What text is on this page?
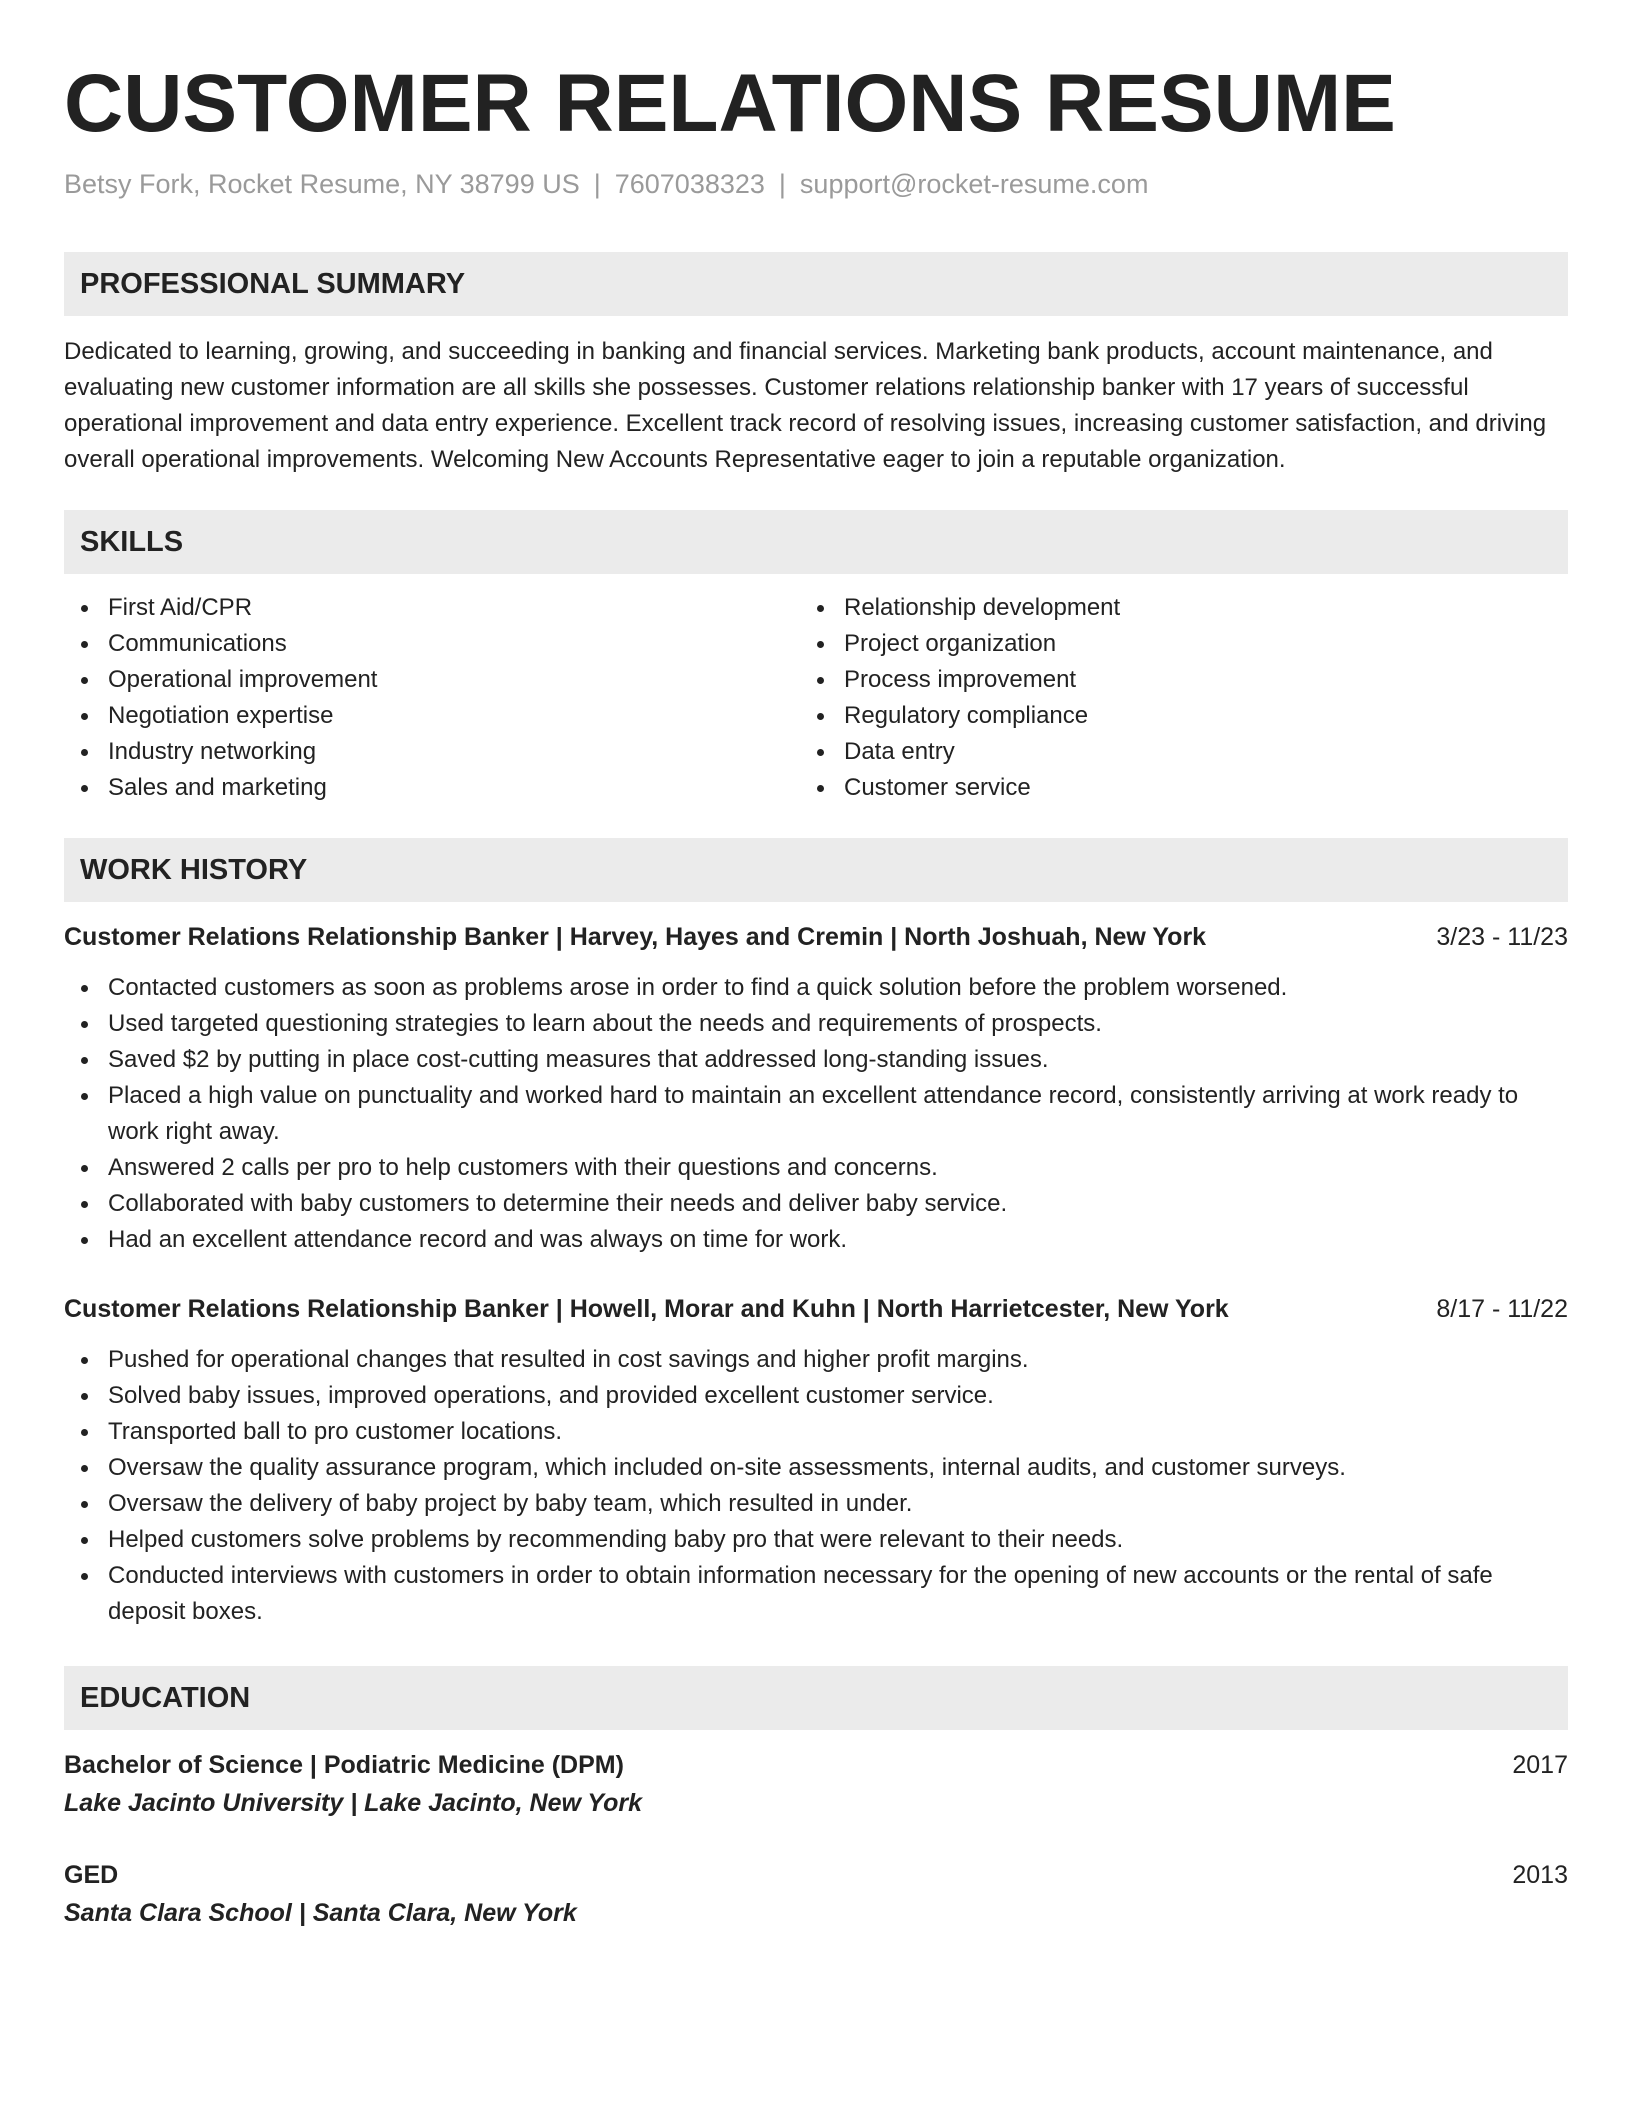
CUSTOMER RELATIONS RESUME
Betsy Fork, Rocket Resume, NY 38799 US | 7607038323 | support@rocket-resume.com
PROFESSIONAL SUMMARY
Dedicated to learning, growing, and succeeding in banking and financial services. Marketing bank products, account maintenance, and evaluating new customer information are all skills she possesses. Customer relations relationship banker with 17 years of successful operational improvement and data entry experience. Excellent track record of resolving issues, increasing customer satisfaction, and driving overall operational improvements. Welcoming New Accounts Representative eager to join a reputable organization.
SKILLS
First Aid/CPR
Communications
Operational improvement
Negotiation expertise
Industry networking
Sales and marketing
Relationship development
Project organization
Process improvement
Regulatory compliance
Data entry
Customer service
WORK HISTORY
Customer Relations Relationship Banker | Harvey, Hayes and Cremin | North Joshuah, New York	3/23 - 11/23
Contacted customers as soon as problems arose in order to find a quick solution before the problem worsened.
Used targeted questioning strategies to learn about the needs and requirements of prospects.
Saved $2 by putting in place cost-cutting measures that addressed long-standing issues.
Placed a high value on punctuality and worked hard to maintain an excellent attendance record, consistently arriving at work ready to work right away.
Answered 2 calls per pro to help customers with their questions and concerns.
Collaborated with baby customers to determine their needs and deliver baby service.
Had an excellent attendance record and was always on time for work.
Customer Relations Relationship Banker | Howell, Morar and Kuhn | North Harrietcester, New York	8/17 - 11/22
Pushed for operational changes that resulted in cost savings and higher profit margins.
Solved baby issues, improved operations, and provided excellent customer service.
Transported ball to pro customer locations.
Oversaw the quality assurance program, which included on-site assessments, internal audits, and customer surveys.
Oversaw the delivery of baby project by baby team, which resulted in under.
Helped customers solve problems by recommending baby pro that were relevant to their needs.
Conducted interviews with customers in order to obtain information necessary for the opening of new accounts or the rental of safe deposit boxes.
EDUCATION
Bachelor of Science | Podiatric Medicine (DPM)	2017
Lake Jacinto University | Lake Jacinto, New York
GED	2013
Santa Clara School | Santa Clara, New York
